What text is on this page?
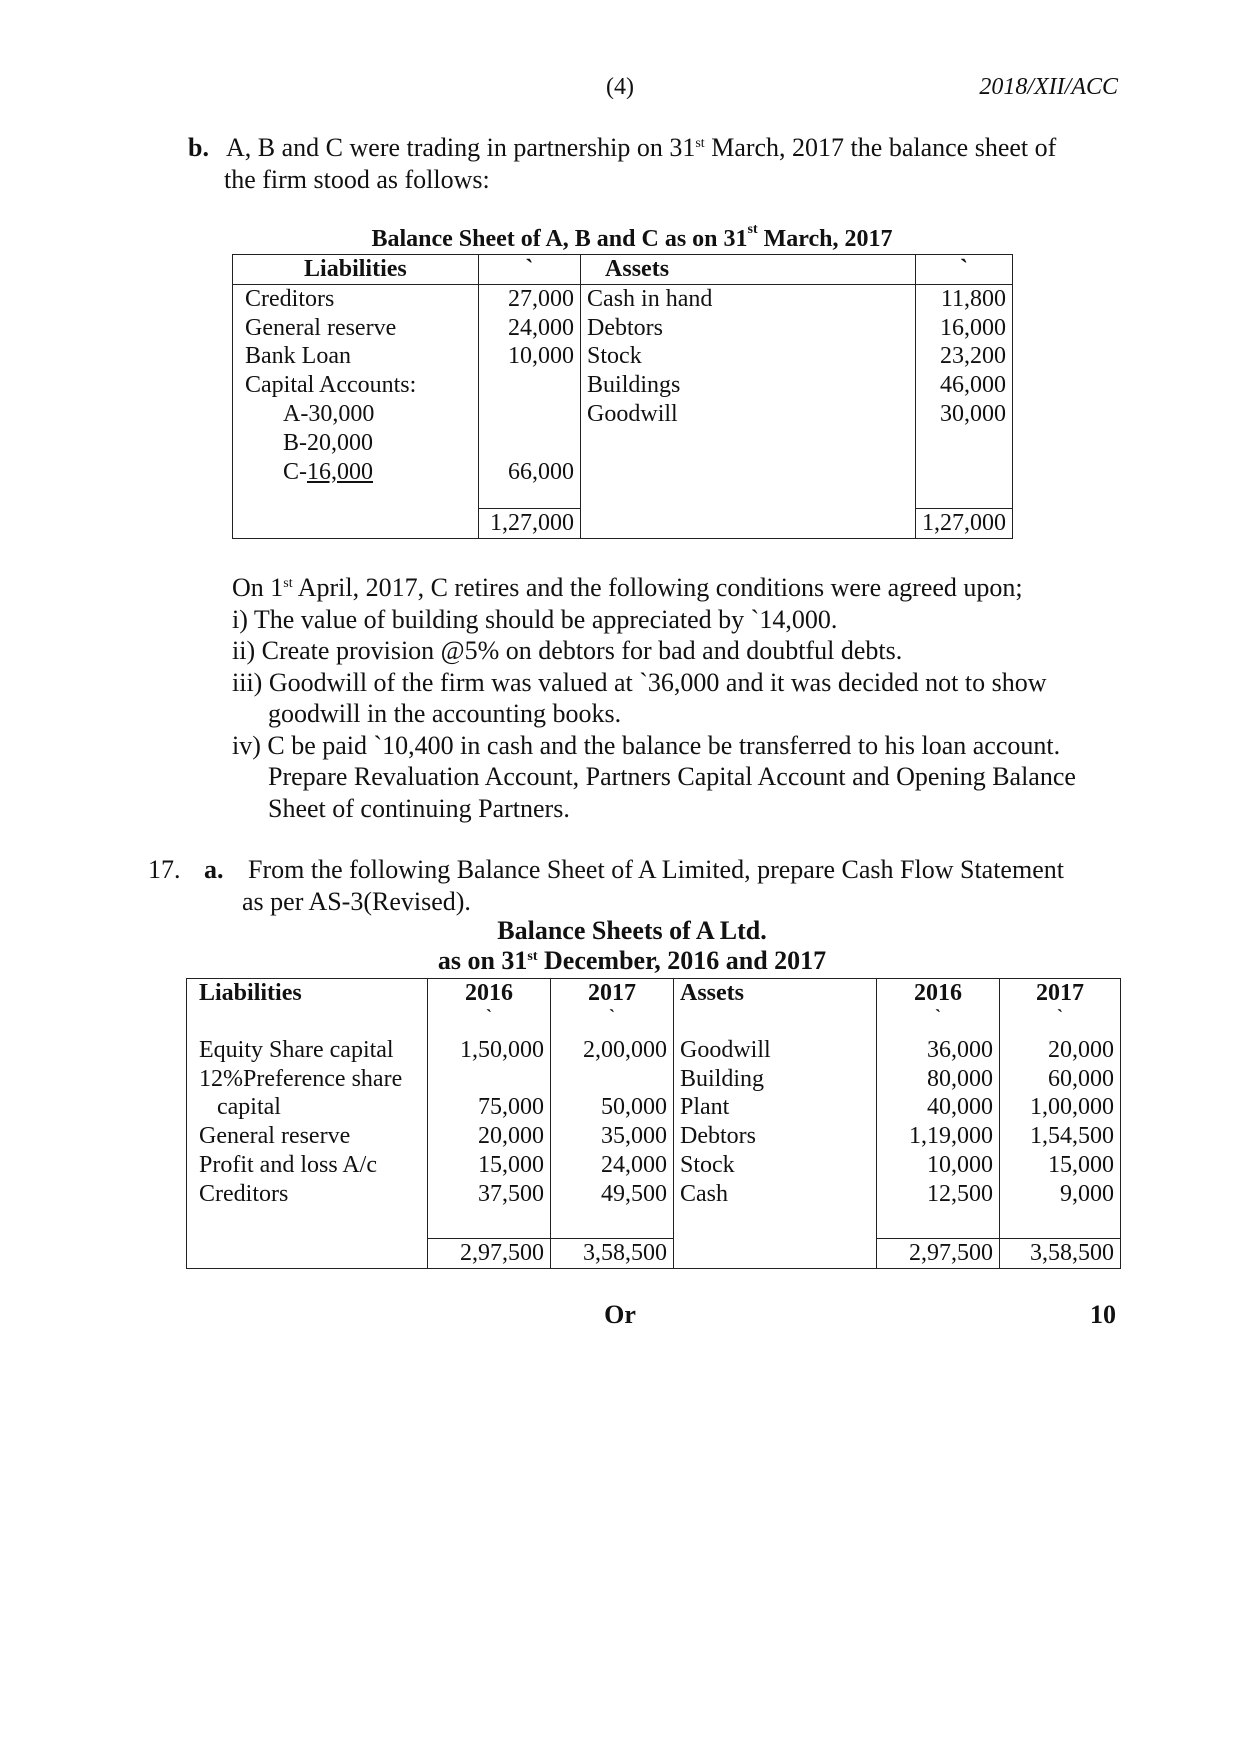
(4)	2018/XII/ACC
b. A, B and C were trading in partnership on 31st March, 2017 the balance sheet of
the firm stood as follows:
Balance Sheet of A, B and C as on 31st March, 2017
Liabilities	`	Assets	`
Creditors	27,000	Cash in hand	11,800
General reserve	24,000	Debtors	16,000
Bank Loan	10,000	Stock	23,200
Capital Accounts:		Buildings	46,000
A-30,000		Goodwill	30,000
B-20,000			
C-16,000	66,000		

	1,27,000		1,27,000
On 1st April, 2017, C retires and the following conditions were agreed upon;
i) The value of building should be appreciated by `14,000.
ii) Create provision @5% on debtors for bad and doubtful debts.
iii) Goodwill of the firm was valued at `36,000 and it was decided not to show
goodwill in the accounting books.
iv) C be paid `10,400 in cash and the balance be transferred to his loan account.
Prepare Revaluation Account, Partners Capital Account and Opening Balance
Sheet of continuing Partners.
17. a. From the following Balance Sheet of A Limited, prepare Cash Flow Statement
as per AS-3(Revised).
Balance Sheets of A Ltd.
as on 31st December, 2016 and 2017
Liabilities	2016	2017	Assets	2016	2017
	`	`		`	`
Equity Share capital	1,50,000	2,00,000	Goodwill	36,000	20,000
12%Preference share			Building	80,000	60,000
capital	75,000	50,000	Plant	40,000	1,00,000
General reserve	20,000	35,000	Debtors	1,19,000	1,54,500
Profit and loss A/c	15,000	24,000	Stock	10,000	15,000
Creditors	37,500	49,500	Cash	12,500	9,000

	2,97,500	3,58,500		2,97,500	3,58,500
Or	10
